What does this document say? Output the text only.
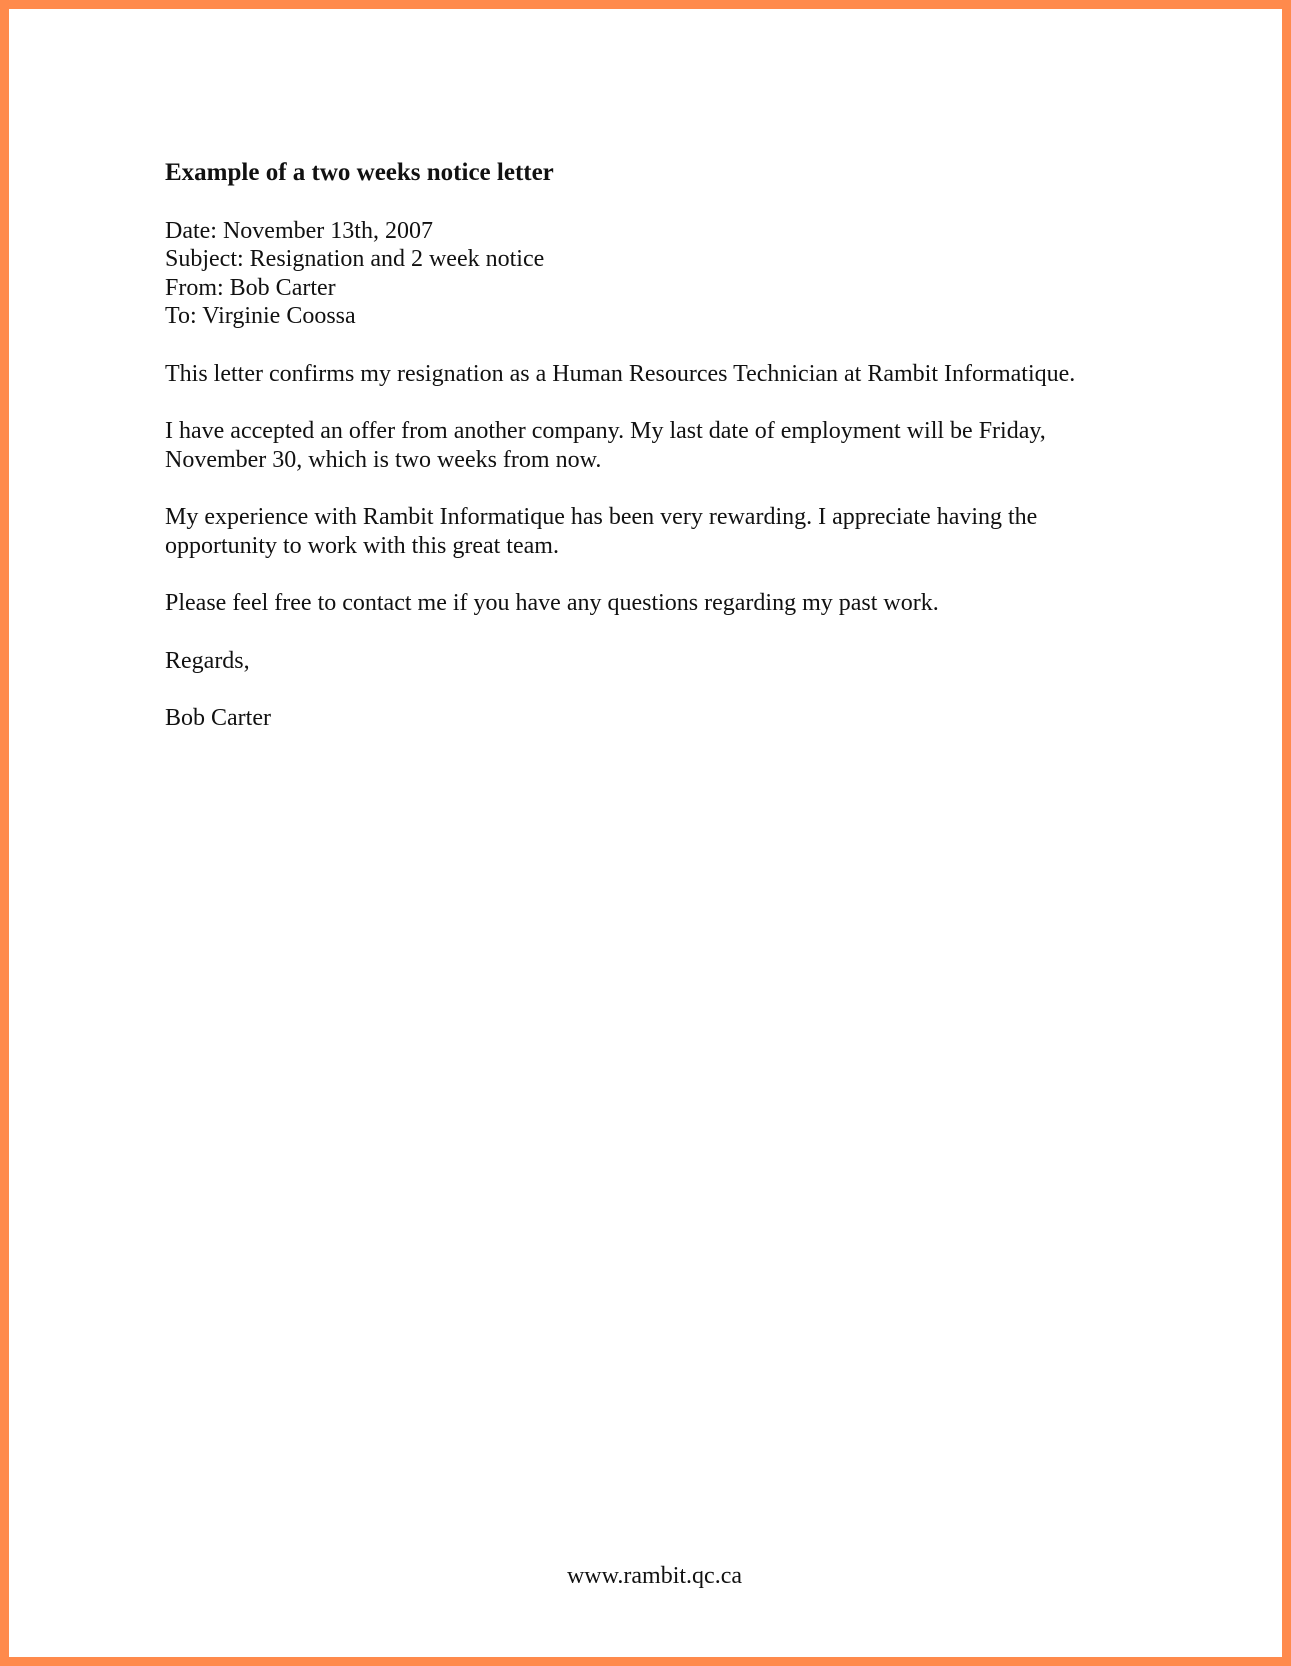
Example of a two weeks notice letter
Date: November 13th, 2007
Subject: Resignation and 2 week notice
From: Bob Carter
To: Virginie Coossa

This letter confirms my resignation as a Human Resources Technician at Rambit Informatique.

I have accepted an offer from another company. My last date of employment will be Friday, November 30, which is two weeks from now.

My experience with Rambit Informatique has been very rewarding. I appreciate having the opportunity to work with this great team.

Please feel free to contact me if you have any questions regarding my past work.

Regards,

Bob Carter

www.rambit.qc.ca
